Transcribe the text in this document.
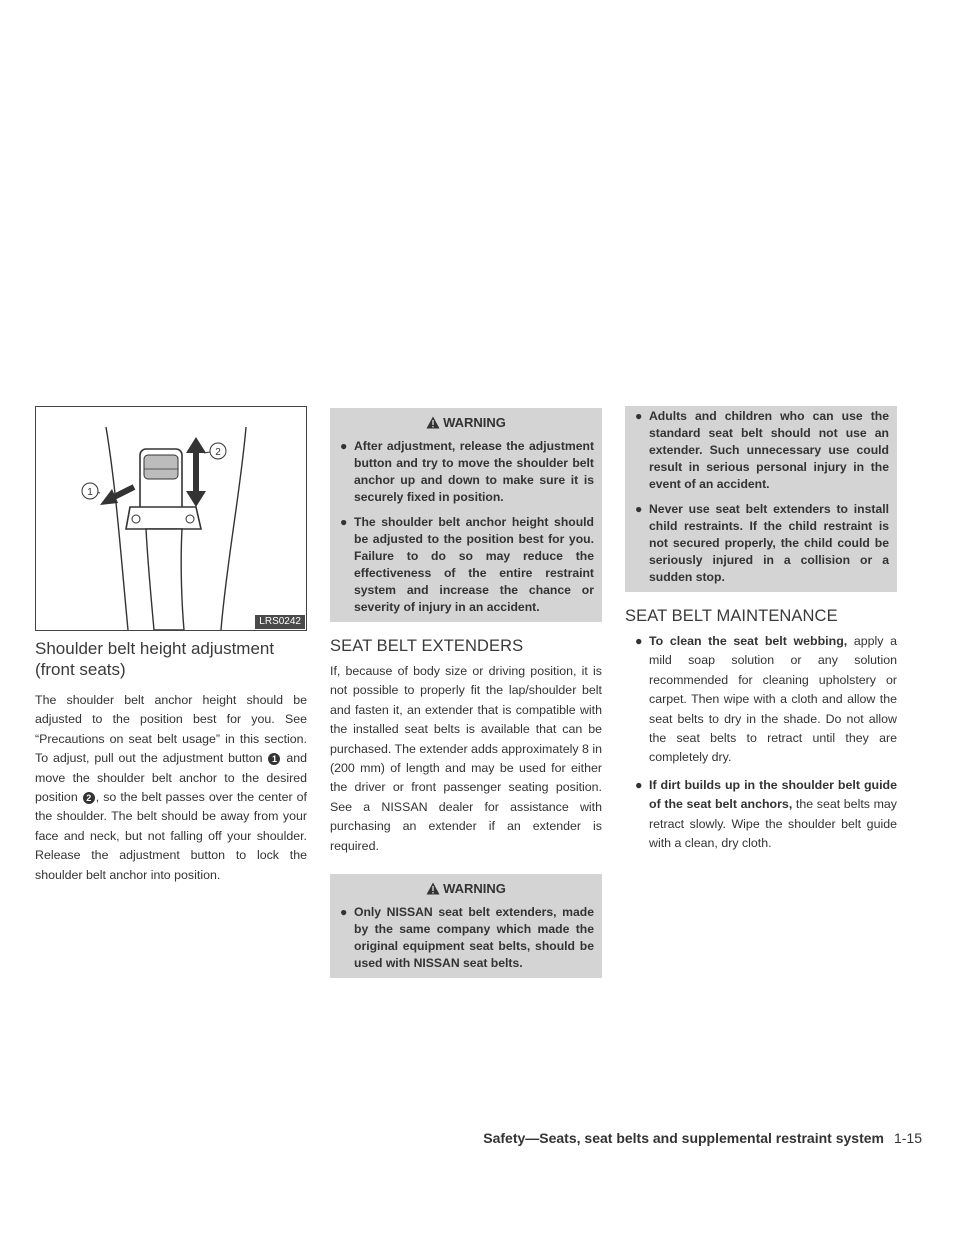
1
2
LRS0242
Shoulder belt height adjustment (front seats)

The shoulder belt anchor height should be adjusted to the position best for you. See “Precautions on seat belt usage” in this section. To adjust, pull out the adjustment button 1 and move the shoulder belt anchor to the desired position 2 , so the belt passes over the center of the shoulder. The belt should be away from your face and neck, but not falling off your shoulder. Release the adjustment button to lock the shoulder belt anchor into position.

WARNING
● After adjustment, release the adjustment button and try to move the shoulder belt anchor up and down to make sure it is securely fixed in position.
● The shoulder belt anchor height should be adjusted to the position best for you. Failure to do so may reduce the effectiveness of the entire restraint system and increase the chance or severity of injury in an accident.
SEAT BELT EXTENDERS

If, because of body size or driving position, it is not possible to properly fit the lap/shoulder belt and fasten it, an extender that is compatible with the installed seat belts is available that can be purchased. The extender adds approximately 8 in (200 mm) of length and may be used for either the driver or front passenger seating position. See a NISSAN dealer for assistance with purchasing an extender if an extender is required.

WARNING
● Only NISSAN seat belt extenders, made by the same company which made the original equipment seat belts, should be used with NISSAN seat belts.
● Adults and children who can use the standard seat belt should not use an extender. Such unnecessary use could result in serious personal injury in the event of an accident.
● Never use seat belt extenders to install child restraints. If the child restraint is not secured properly, the child could be seriously injured in a collision or a sudden stop.
SEAT BELT MAINTENANCE
● To clean the seat belt webbing, apply a mild soap solution or any solution recommended for cleaning upholstery or carpet. Then wipe with a cloth and allow the seat belts to dry in the shade. Do not allow the seat belts to retract until they are completely dry.
● If dirt builds up in the shoulder belt guide of the seat belt anchors, the seat belts may retract slowly. Wipe the shoulder belt guide with a clean, dry cloth.
Safety—Seats, seat belts and supplemental restraint system 1-15
